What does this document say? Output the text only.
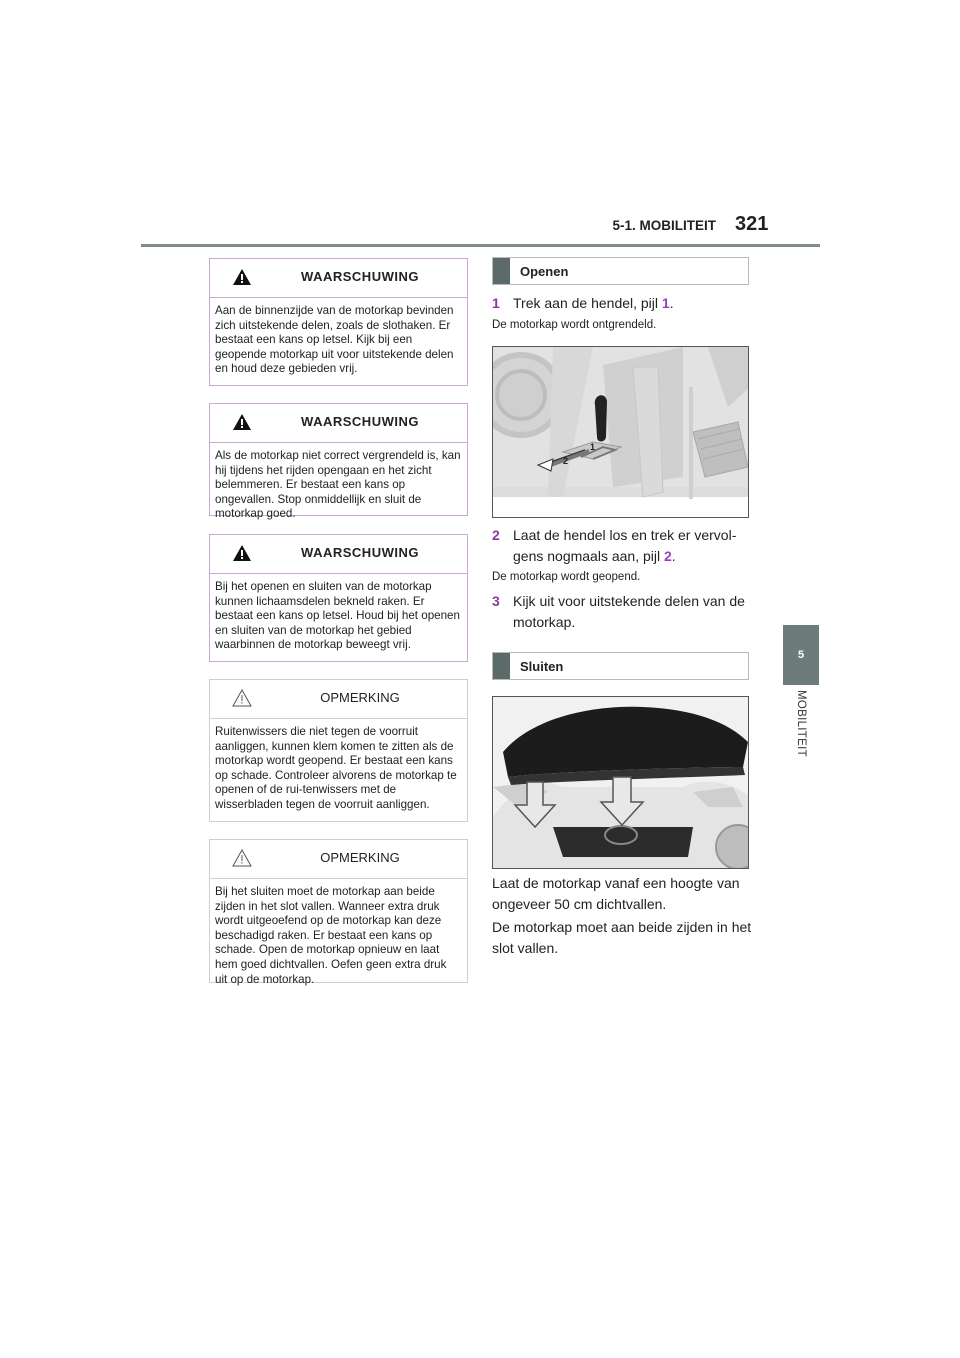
5-1. MOBILITEIT 321
5
MOBILITEIT
WAARSCHUWING
Aan de binnenzijde van de motorkap bevinden zich uitstekende delen, zoals de slothaken. Er bestaat een kans op letsel. Kijk bij een geopende motorkap uit voor uitstekende delen en houd deze gebieden vrij.
WAARSCHUWING
Als de motorkap niet correct vergrendeld is, kan hij tijdens het rijden opengaan en het zicht belemmeren. Er bestaat een kans op ongevallen. Stop onmiddellijk en sluit de motorkap goed.
WAARSCHUWING
Bij het openen en sluiten van de motorkap kunnen lichaamsdelen bekneld raken. Er bestaat een kans op letsel. Houd bij het openen en sluiten van de motorkap het gebied waarbinnen de motorkap beweegt vrij.
OPMERKING
Ruitenwissers die niet tegen de voorruit aanliggen, kunnen klem komen te zitten als de motorkap wordt geopend. Er bestaat een kans op schade. Controleer alvorens de motorkap te openen of de rui-tenwissers met de wisserbladen tegen de voorruit aanliggen.
OPMERKING
Bij het sluiten moet de motorkap aan beide zijden in het slot vallen. Wanneer extra druk wordt uitgeoefend op de motorkap kan deze beschadigd raken. Er bestaat een kans op schade. Open de motorkap opnieuw en laat hem goed dichtvallen. Oefen geen extra druk uit op de motorkap.
Openen
1 Trek aan de hendel, pijl 1.
De motorkap wordt ontgrendeld.
2
1
2 Laat de hendel los en trek er vervol-gens nogmaals aan, pijl 2.
De motorkap wordt geopend.
3 Kijk uit voor uitstekende delen van de motorkap.
Sluiten
Laat de motorkap vanaf een hoogte van ongeveer 50 cm dichtvallen.
De motorkap moet aan beide zijden in het slot vallen.
